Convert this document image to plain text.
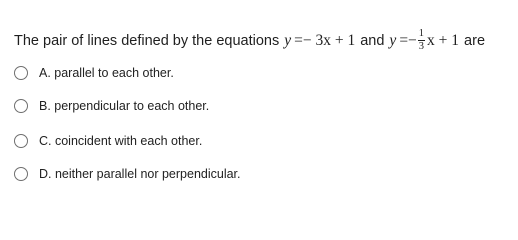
The pair of lines defined by the equations y =− 3x + 1 and $y =- \frac{1}{3}$ x + 1 are
A. parallel to each other.
B. perpendicular to each other.
C. coincident with each other.
D. neither parallel nor perpendicular.
